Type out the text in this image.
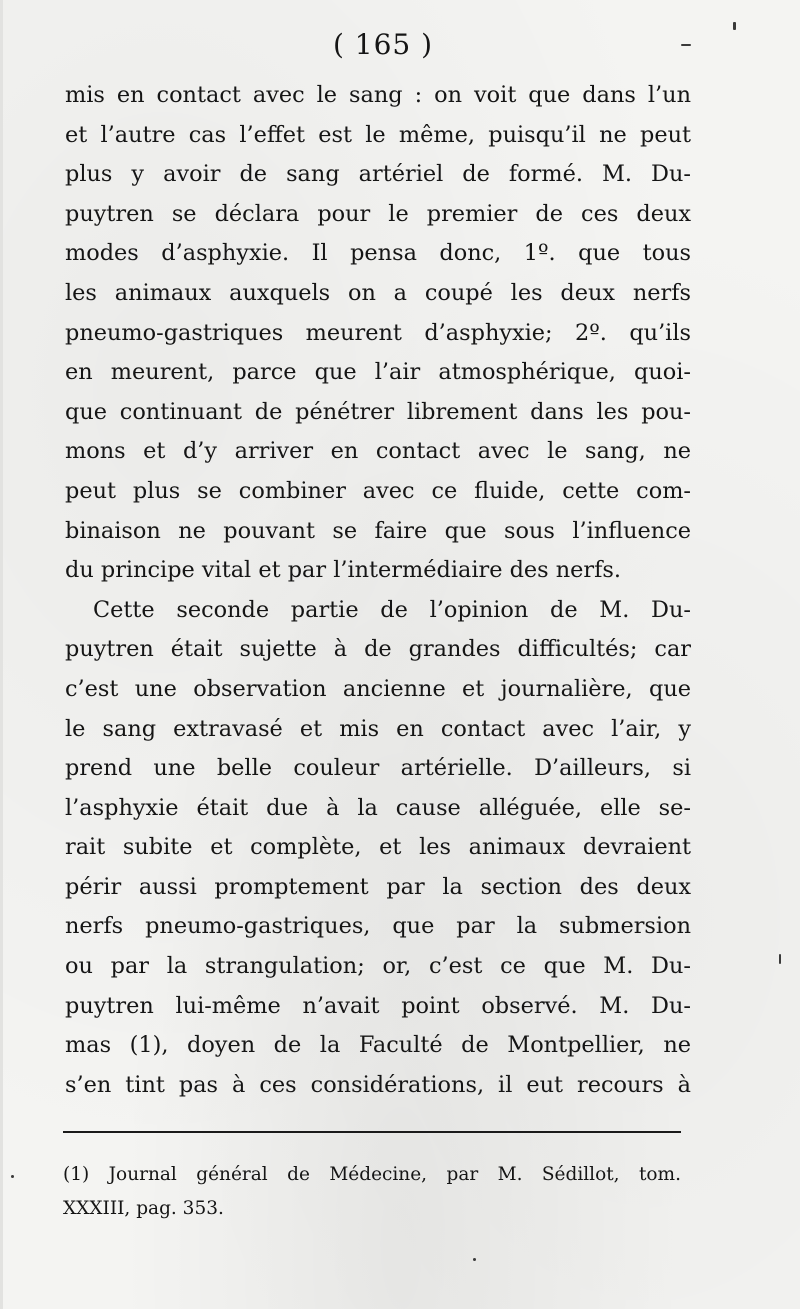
( 165 )
mis en contact avec le sang : on voit que dans l’un
et l’autre cas l’effet est le même, puisqu’il ne peut
plus y avoir de sang artériel de formé. M. Du-
puytren se déclara pour le premier de ces deux
modes d’asphyxie. Il pensa donc, 1º. que tous
les animaux auxquels on a coupé les deux nerfs
pneumo-gastriques meurent d’asphyxie; 2º. qu’ils
en meurent, parce que l’air atmosphérique, quoi-
que continuant de pénétrer librement dans les pou-
mons et d’y arriver en contact avec le sang, ne
peut plus se combiner avec ce fluide, cette com-
binaison ne pouvant se faire que sous l’influence
du principe vital et par l’intermédiaire des nerfs.
Cette seconde partie de l’opinion de M. Du-
puytren était sujette à de grandes difficultés; car
c’est une observation ancienne et journalière, que
le sang extravasé et mis en contact avec l’air, y
prend une belle couleur artérielle. D’ailleurs, si
l’asphyxie était due à la cause alléguée, elle se-
rait subite et complète, et les animaux devraient
périr aussi promptement par la section des deux
nerfs pneumo-gastriques, que par la submersion
ou par la strangulation; or, c’est ce que M. Du-
puytren lui-même n’avait point observé. M. Du-
mas (1), doyen de la Faculté de Montpellier, ne
s’en tint pas à ces considérations, il eut recours à
(1) Journal général de Médecine, par M. Sédillot, tom.
XXXIII, pag. 353.
